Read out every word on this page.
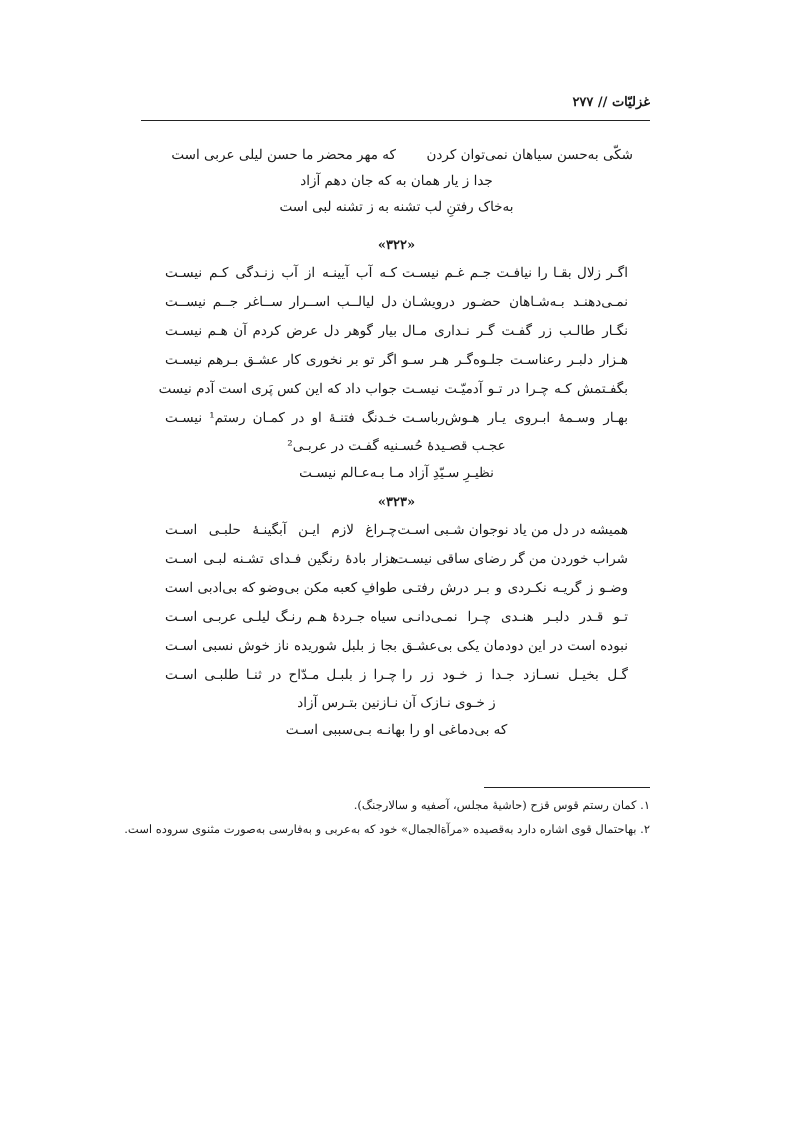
غزلیّات // ۲۷۷
شکّی به‌حسن سیاهان نمی‌توان کردن  که مهر محضر ما حسن لیلی عربی است
جدا ز یار همان به که جان دهم آزاد
به‌خاک رفتنِ لب تشنه به ز تشنه لبی است
«۳۲۲»
اگـر زلال بقـا را نیافـت جـم غـم نیسـت
کـه آب آیینـه از آب زنـدگی کـم نیسـت
نمـی‌دهنـد بـه‌شـاهان حضـور درویشـان
دل لیالــب اســرار ســاغر جــم نیســت
نگـار طالـب زر گفـت گـر نـداری مـال
بیار گوهر دل عرض کردم آن هـم نیسـت
هـزار دلبـر رعناسـت جلـوه‌گـر هـر سـو
اگر تو بر نخوری کار عشـق بـرهم نیسـت
بگفـتمش کـه چـرا در تـو آدمیّـت نیسـت
جواب داد که این کس پَری است آدم نیست
بهـار وسـمهٔ ابـروی یـار هـوش‌رباسـت
خـدنگ فتنـهٔ او در کمـان رستم¹ نیسـت
عجـب قصـیدهٔ حُسـنیه گفـت در عربـی²
نظیـرِ سـیّدِ آزاد مـا بـه‌عـالم نیسـت
«۳۲۳»
همیشه در دل من یاد نوجوان شـبی اسـت
چـراغ لازم ایـن آبگینـهٔ حلبـی اسـت
شراب خوردن من گر رضای ساقی نیسـت
هزار بادهٔ رنگین فـدای تشـنه لبـی اسـت
وضـو ز گریـه نکـردی و بـر درش رفتـی
طوافِ کعبه مکن بی‌وضو که بی‌ادبی است
تـو قـدر دلبـر هنـدی چـرا نمـی‌دانـی
سیاه جـردهٔ هـم رنـگ لیلـی عربـی اسـت
نبوده است در این دودمان یکی بی‌عشـق
بجا ز بلبل شوریده ناز خوش نسبی اسـت
گـل بخیـل نسـازد جـدا ز خـود زر را
چـرا ز بلبـل مـدّاح در ثنـا طلبـی اسـت
ز خـوی نـازک آن نـازنین بتـرس آزاد
که بی‌دماغی او را بهانـه بـی‌سببی اسـت
۱. کمان رستم قوس قزح (حاشیهٔ مجلس، آصفیه و سالارجنگ).
۲. بهاحتمال قوی اشاره دارد به‌قصیده «مرآةالجمال» خود که به‌عربی و به‌فارسی به‌صورت مثنوی سروده است.
